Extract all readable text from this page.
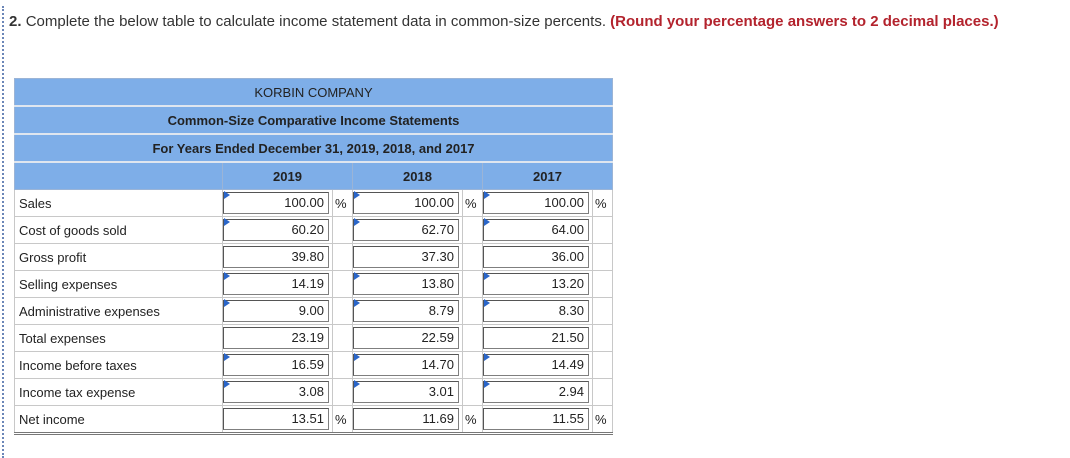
2. Complete the below table to calculate income statement data in common-size percents. (Round your percentage answers to 2 decimal places.)
KORBIN COMPANY						
Common-Size Comparative Income Statements						
For Years Ended December 31, 2019, 2018, and 2017						
	2019		2018		2017	
Sales	100.00	%	100.00	%	100.00	%
Cost of goods sold	60.20		62.70		64.00	

Gross profit	39.80		37.30		36.00	

Selling expenses	14.19		13.80		13.20	

Administrative expenses	9.00		8.79		8.30	

Total expenses	23.19		22.59		21.50	

Income before taxes	16.59		14.70		14.49	

Income tax expense	3.08		3.01		2.94	

Net income	13.51	%	11.69	%	11.55	%
